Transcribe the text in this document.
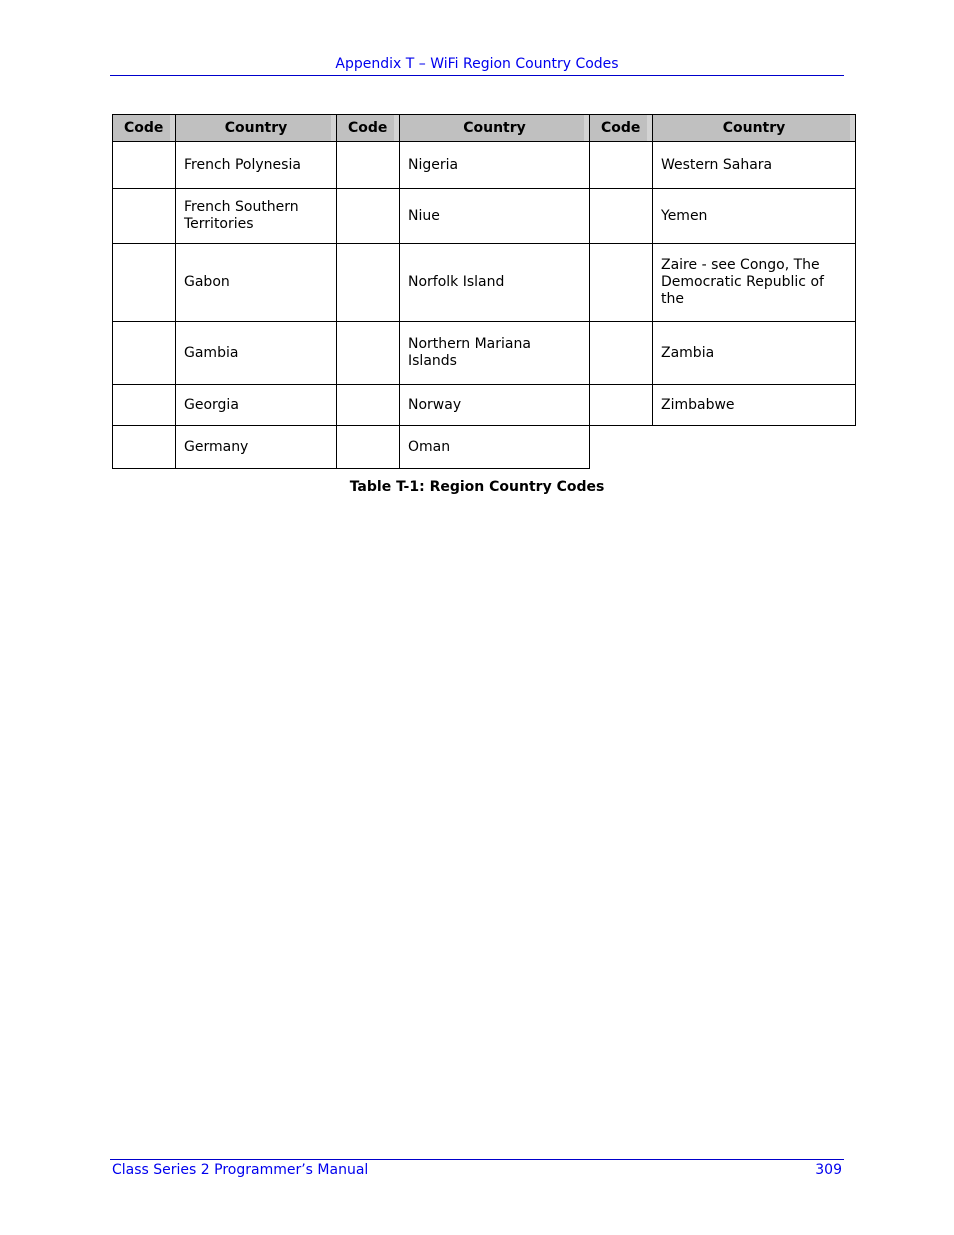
Appendix T – WiFi Region Country Codes
Code	Country	Code	Country	Code	Country
	French Polynesia		Nigeria		Western Sahara
	French Southern Territories		Niue		Yemen
	Gabon		Norfolk Island		Zaire - see Congo, The Democratic Republic of the
	Gambia		Northern Mariana Islands		Zambia
	Georgia		Norway		Zimbabwe
	Germany		Oman		
Table T-1: Region Country Codes
Class Series 2 Programmer’s Manual	309
